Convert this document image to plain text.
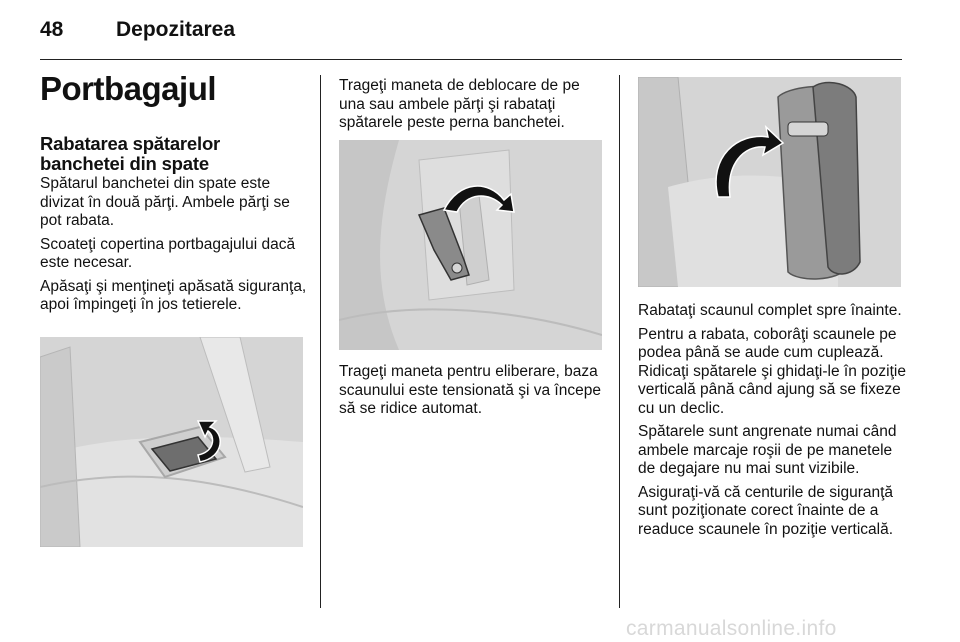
48	Depozitarea
Portbagajul
Rabatarea spătarelor banchetei din spate

Spătarul banchetei din spate este divizat în două părţi. Ambele părţi se pot rabata.

Scoateţi copertina portbagajului dacă este necesar.

Apăsaţi şi menţineţi apăsată siguranţa, apoi împingeţi în jos tetierele.

Trageţi maneta de deblocare de pe una sau ambele părţi şi rabataţi spătarele peste perna banchetei.
Trageţi maneta pentru eliberare, baza scaunului este tensionată şi va începe să se ridice automat.

Rabataţi scaunul complet spre înainte.

Pentru a rabata, coborâţi scaunele pe podea până se aude cum cuplează. Ridicaţi spătarele şi ghidaţi-le în poziţie verticală până când ajung să se fixeze cu un declic.

Spătarele sunt angrenate numai când ambele marcaje roşii de pe manetele de degajare nu mai sunt vizibile.

Asiguraţi-vă că centurile de siguranţă sunt poziţionate corect înainte de a readuce scaunele în poziţie verticală.

carmanualsonline.info
